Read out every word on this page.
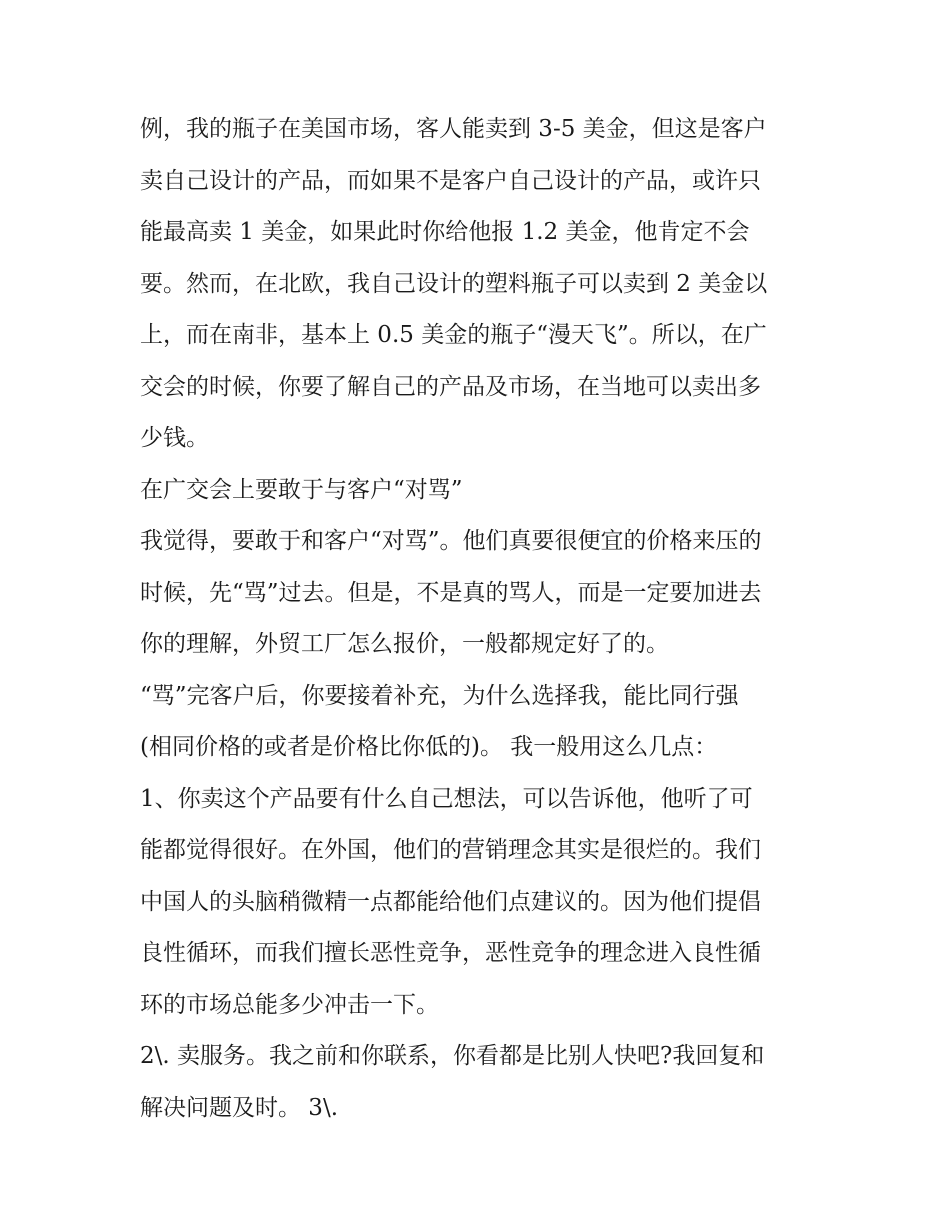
例，我的瓶子在美国市场，客人能卖到 3-5 美金，但这是客户
卖自己设计的产品，而如果不是客户自己设计的产品，或许只
能最高卖 1 美金，如果此时你给他报 1.2 美金，他肯定不会
要。然而，在北欧，我自己设计的塑料瓶子可以卖到 2 美金以
上，而在南非，基本上 0.5 美金的瓶子“漫天飞”。所以，在广
交会的时候，你要了解自己的产品及市场，在当地可以卖出多
少钱。
在广交会上要敢于与客户“对骂”
我觉得，要敢于和客户“对骂”。他们真要很便宜的价格来压的
时候，先“骂”过去。但是，不是真的骂人，而是一定要加进去
你的理解，外贸工厂怎么报价，一般都规定好了的。
“骂”完客户后，你要接着补充，为什么选择我，能比同行强
(相同价格的或者是价格比你低的)。 我一般用这么几点：
1、你卖这个产品要有什么自己想法，可以告诉他，他听了可
能都觉得很好。在外国，他们的营销理念其实是很烂的。我们
中国人的头脑稍微精一点都能给他们点建议的。因为他们提倡
良性循环，而我们擅长恶性竞争，恶性竞争的理念进入良性循
环的市场总能多少冲击一下。
2\. 卖服务。我之前和你联系，你看都是比别人快吧?我回复和
解决问题及时。 3\.
